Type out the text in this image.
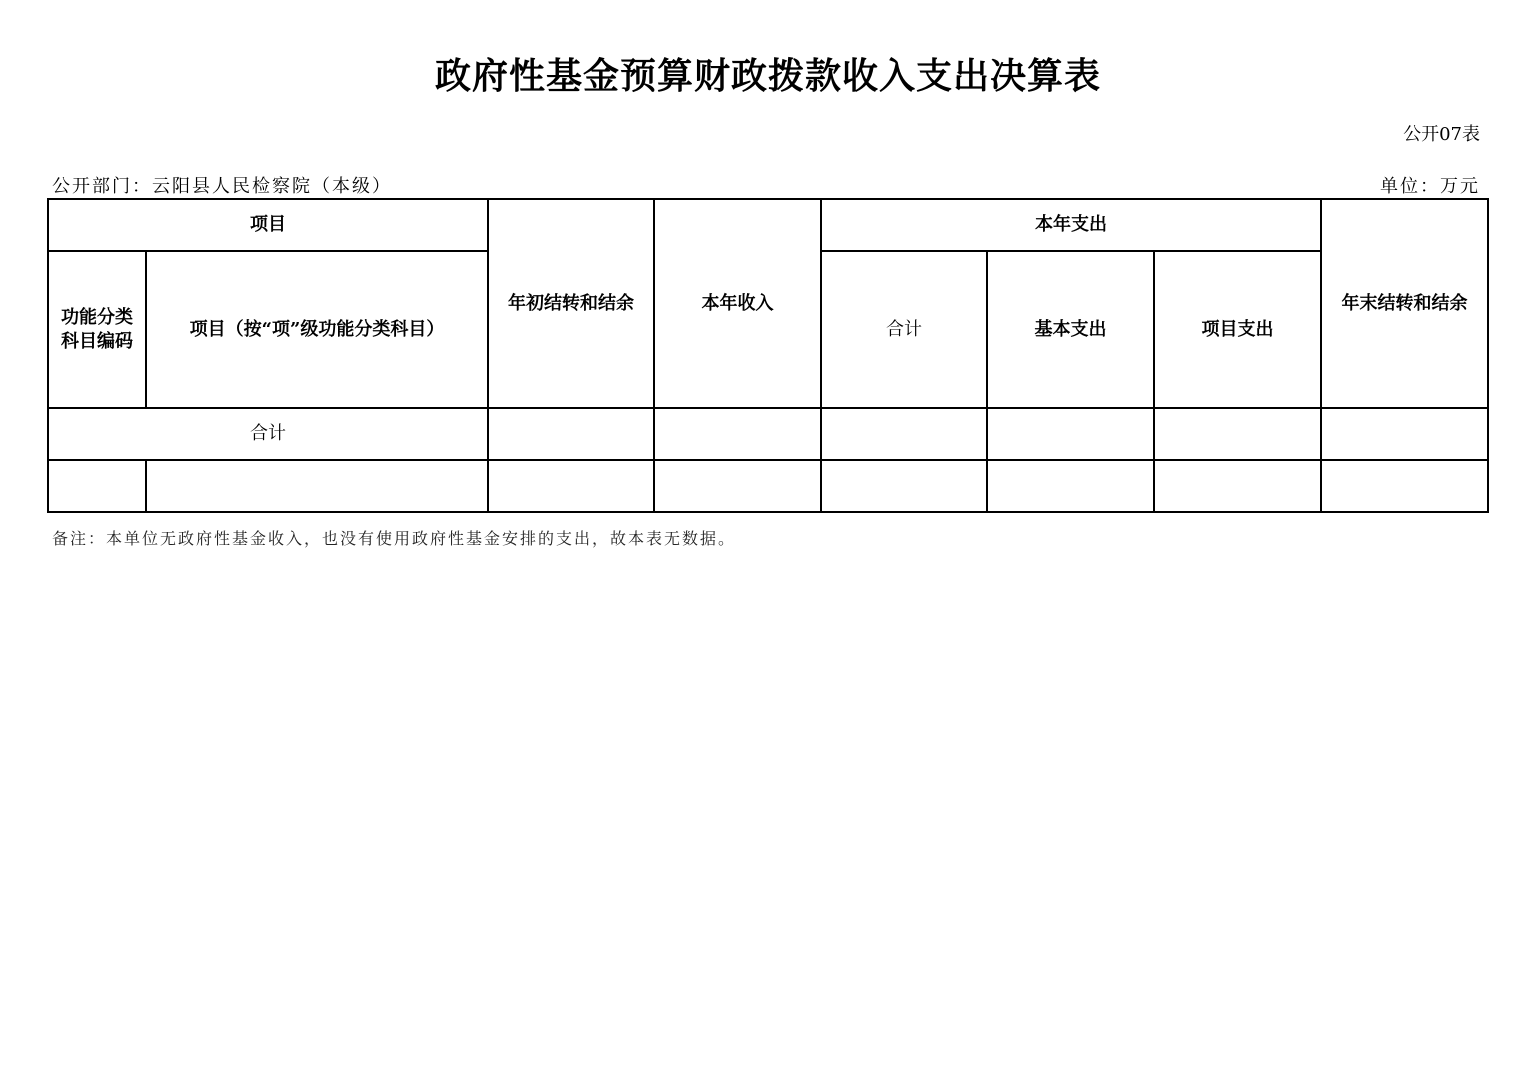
政府性基金预算财政拨款收入支出决算表
公开07表
公开部门：云阳县人民检察院（本级）	单位：万元
项目		年初结转和结余	本年收入	本年支出			年末结转和结余
功能分类科目编码	项目（按“项”级功能分类科目）			合计	基本支出	项目支出	
合计							

备注：本单位无政府性基金收入，也没有使用政府性基金安排的支出，故本表无数据。
